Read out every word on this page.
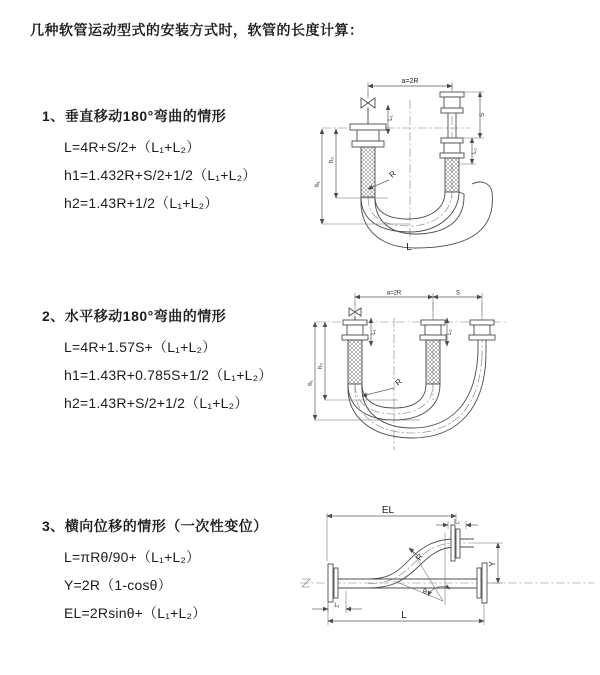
几种软管运动型式的安装方式时，软管的长度计算：
1、垂直移动180°弯曲的情形
L=4R+S/2+（L₁+L₂）
h1=1.432R+S/2+1/2（L₁+L₂）
h2=1.43R+1/2（L₁+L₂）
2、水平移动180°弯曲的情形
L=4R+1.57S+（L₁+L₂）
h1=1.43R+0.785S+1/2（L₁+L₂）
h2=1.43R+S/2+1/2（L₁+L₂）
3、横向位移的情形（一次性变位）
L=πRθ/90+（L₁+L₂）
Y=2R（1-cosθ）
EL=2Rsinθ+（L₁+L₂）
a=2R
L₁
S
L₂
h₂
h₁
R
L
a=2R	S
L₁	L₂
h₂
h₁	R
EL
L₂
Y
θ
R
L₁
L
